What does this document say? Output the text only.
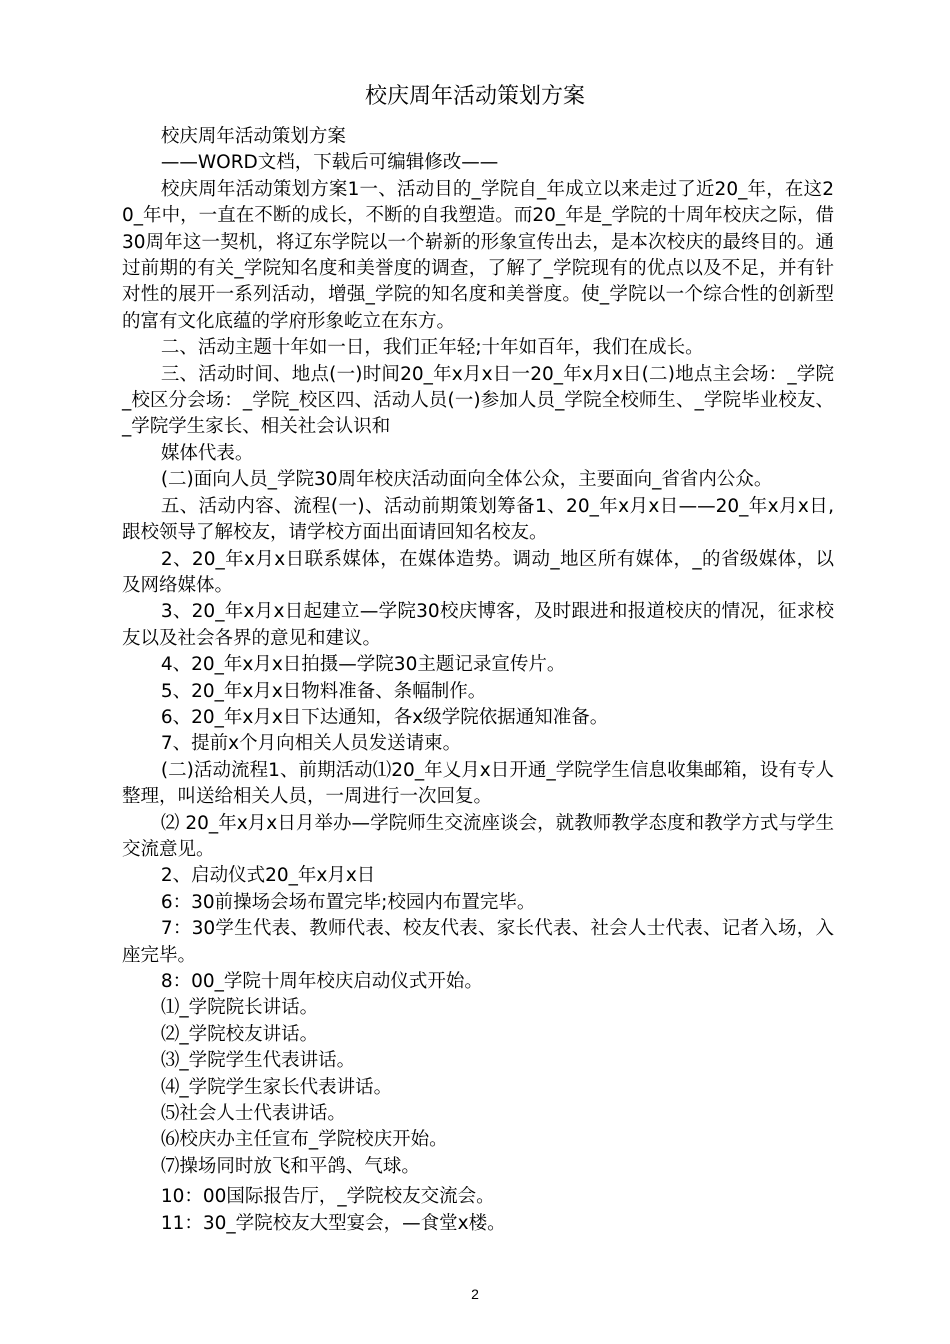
校庆周年活动策划方案

校庆周年活动策划方案

——WORD文档，下载后可编辑修改——

校庆周年活动策划方案1一、活动目的_学院自_年成立以来走过了近20_年，在这20_年中，一直在不断的成长，不断的自我塑造。而20_年是_学院的十周年校庆之际，借30周年这一契机，将辽东学院以一个崭新的形象宣传出去，是本次校庆的最终目的。通过前期的有关_学院知名度和美誉度的调查，了解了_学院现有的优点以及不足，并有针对性的展开一系列活动，增强_学院的知名度和美誉度。使_学院以一个综合性的创新型的富有文化底蕴的学府形象屹立在东方。

二、活动主题十年如一日，我们正年轻;十年如百年，我们在成长。

三、活动时间、地点(一)时间20_年x月x日一20_年x月x日(二)地点主会场：_学院_校区分会场：_学院_校区四、活动人员(一)参加人员_学院全校师生、_学院毕业校友、_学院学生家长、相关社会认识和

媒体代表。

(二)面向人员_学院30周年校庆活动面向全体公众，主要面向_省省内公众。

五、活动内容、流程(一)、活动前期策划筹备1、20_年x月x日——20_年x月x日,跟校领导了解校友，请学校方面出面请回知名校友。

2、20_年x月x日联系媒体，在媒体造势。调动_地区所有媒体，_的省级媒体，以及网络媒体。

3、20_年x月x日起建立—学院30校庆博客，及时跟进和报道校庆的情况，征求校友以及社会各界的意见和建议。

4、20_年x月x日拍摄—学院30主题记录宣传片。

5、20_年x月x日物料准备、条幅制作。

6、20_年x月x日下达通知，各x级学院依据通知准备。

7、提前x个月向相关人员发送请柬。

(二)活动流程1、前期活动⑴20_年乂月x日开通_学院学生信息收集邮箱，设有专人整理，叫送给相关人员，一周进行一次回复。

⑵ 20_年x月x日月举办—学院师生交流座谈会，就教师教学态度和教学方式与学生交流意见。

2、启动仪式20_年x月x日

6：30前操场会场布置完毕;校园内布置完毕。

7：30学生代表、教师代表、校友代表、家长代表、社会人士代表、记者入场，入座完毕。

8：00_学院十周年校庆启动仪式开始。

⑴_学院院长讲话。

⑵_学院校友讲话。

⑶_学院学生代表讲话。

⑷_学院学生家长代表讲话。

⑸社会人士代表讲话。

⑹校庆办主任宣布_学院校庆开始。

⑺操场同时放飞和平鸽、气球。

10：00国际报告厅，_学院校友交流会。

11：30_学院校友大型宴会，—食堂x楼。

2
